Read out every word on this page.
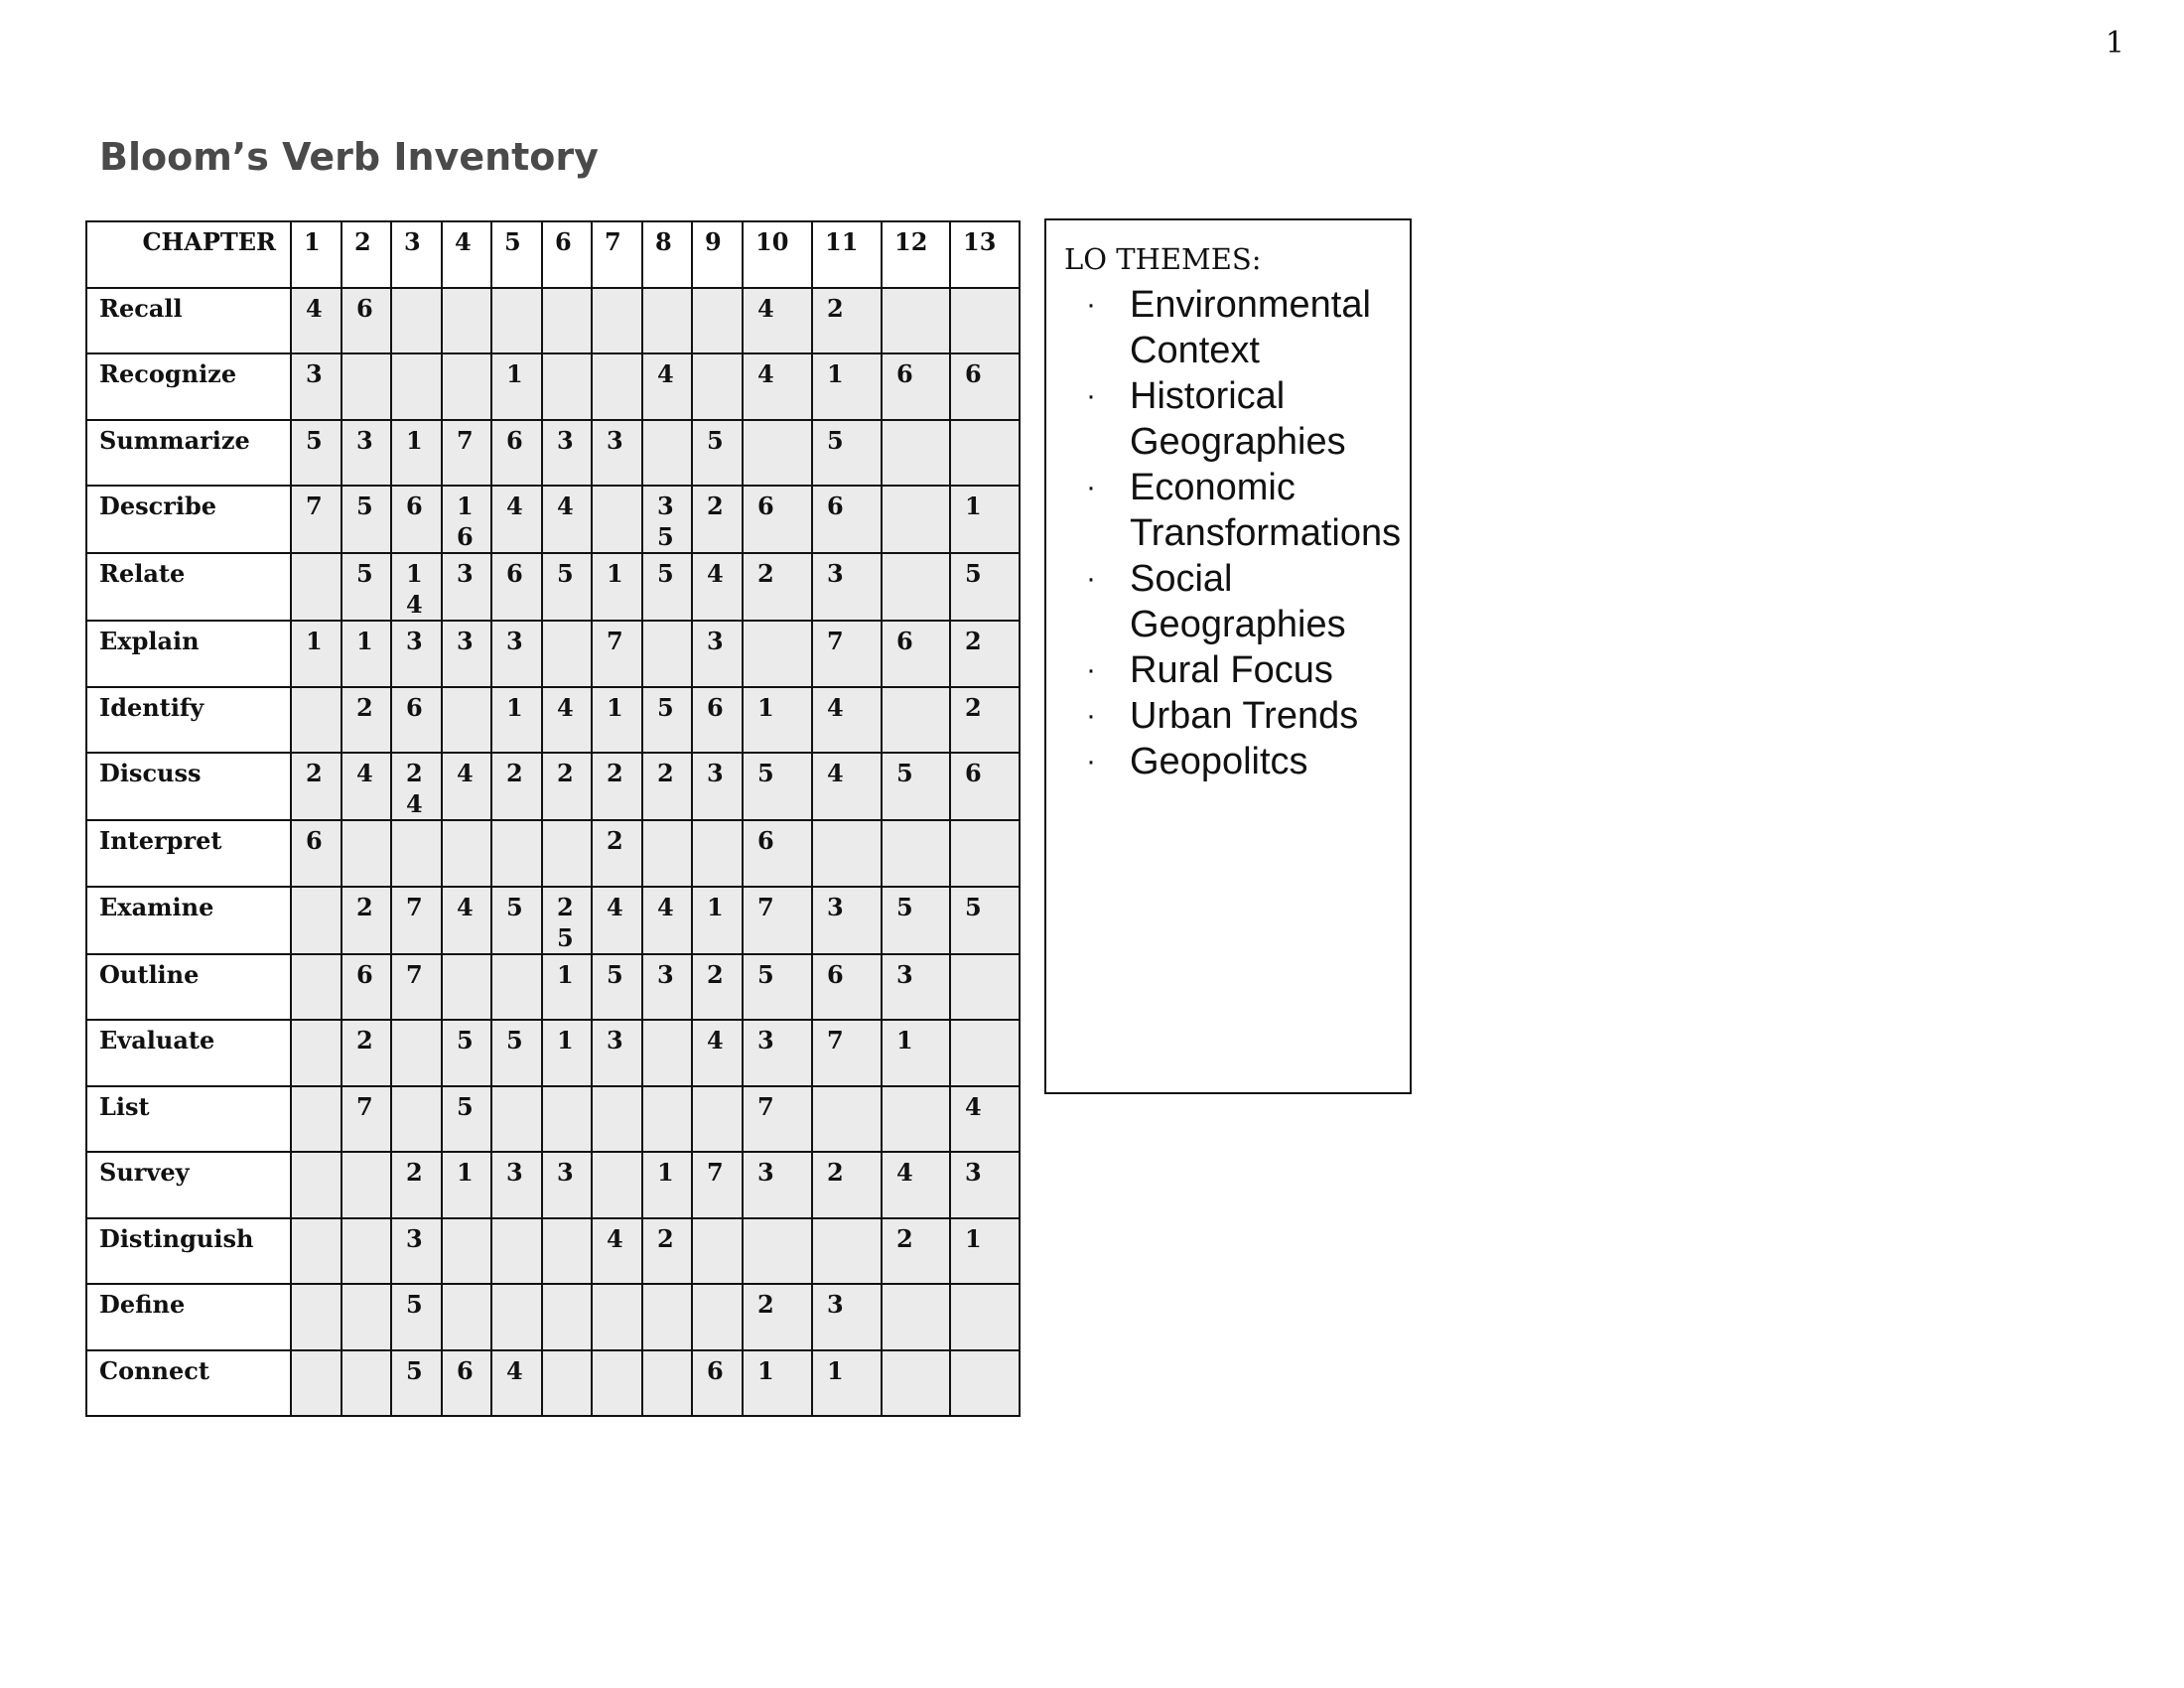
1
Bloom’s Verb Inventory
CHAPTER	1	2	3	4	5	6	7	8	9	10	11	12	13

Recall	4	6								4	2		

Recognize	3				1			4		4	1	6	6

Summarize	5	3	1	7	6	3	3		5		5		

Describe	7	5	6	16	4	4		35	2	6	6		1

Relate		5	14	3	6	5	1	5	4	2	3		5

Explain	1	1	3	3	3		7		3		7	6	2

Identify		2	6		1	4	1	5	6	1	4		2

Discuss	2	4	24	4	2	2	2	2	3	5	4	5	6

Interpret	6						2			6			

Examine		2	7	4	5	25	4	4	1	7	3	5	5

Outline		6	7			1	5	3	2	5	6	3	

Evaluate		2		5	5	1	3		4	3	7	1	

List		7		5						7			4

Survey			2	1	3	3		1	7	3	2	4	3

Distinguish			3				4	2				2	1

Define			5							2	3		

Connect			5	6	4				6	1	1		

LO THEMES:
· Environmental Context
· Historical Geographies
· Economic Transformations
· Social Geographies
· Rural Focus
· Urban Trends
· Geopolitcs
